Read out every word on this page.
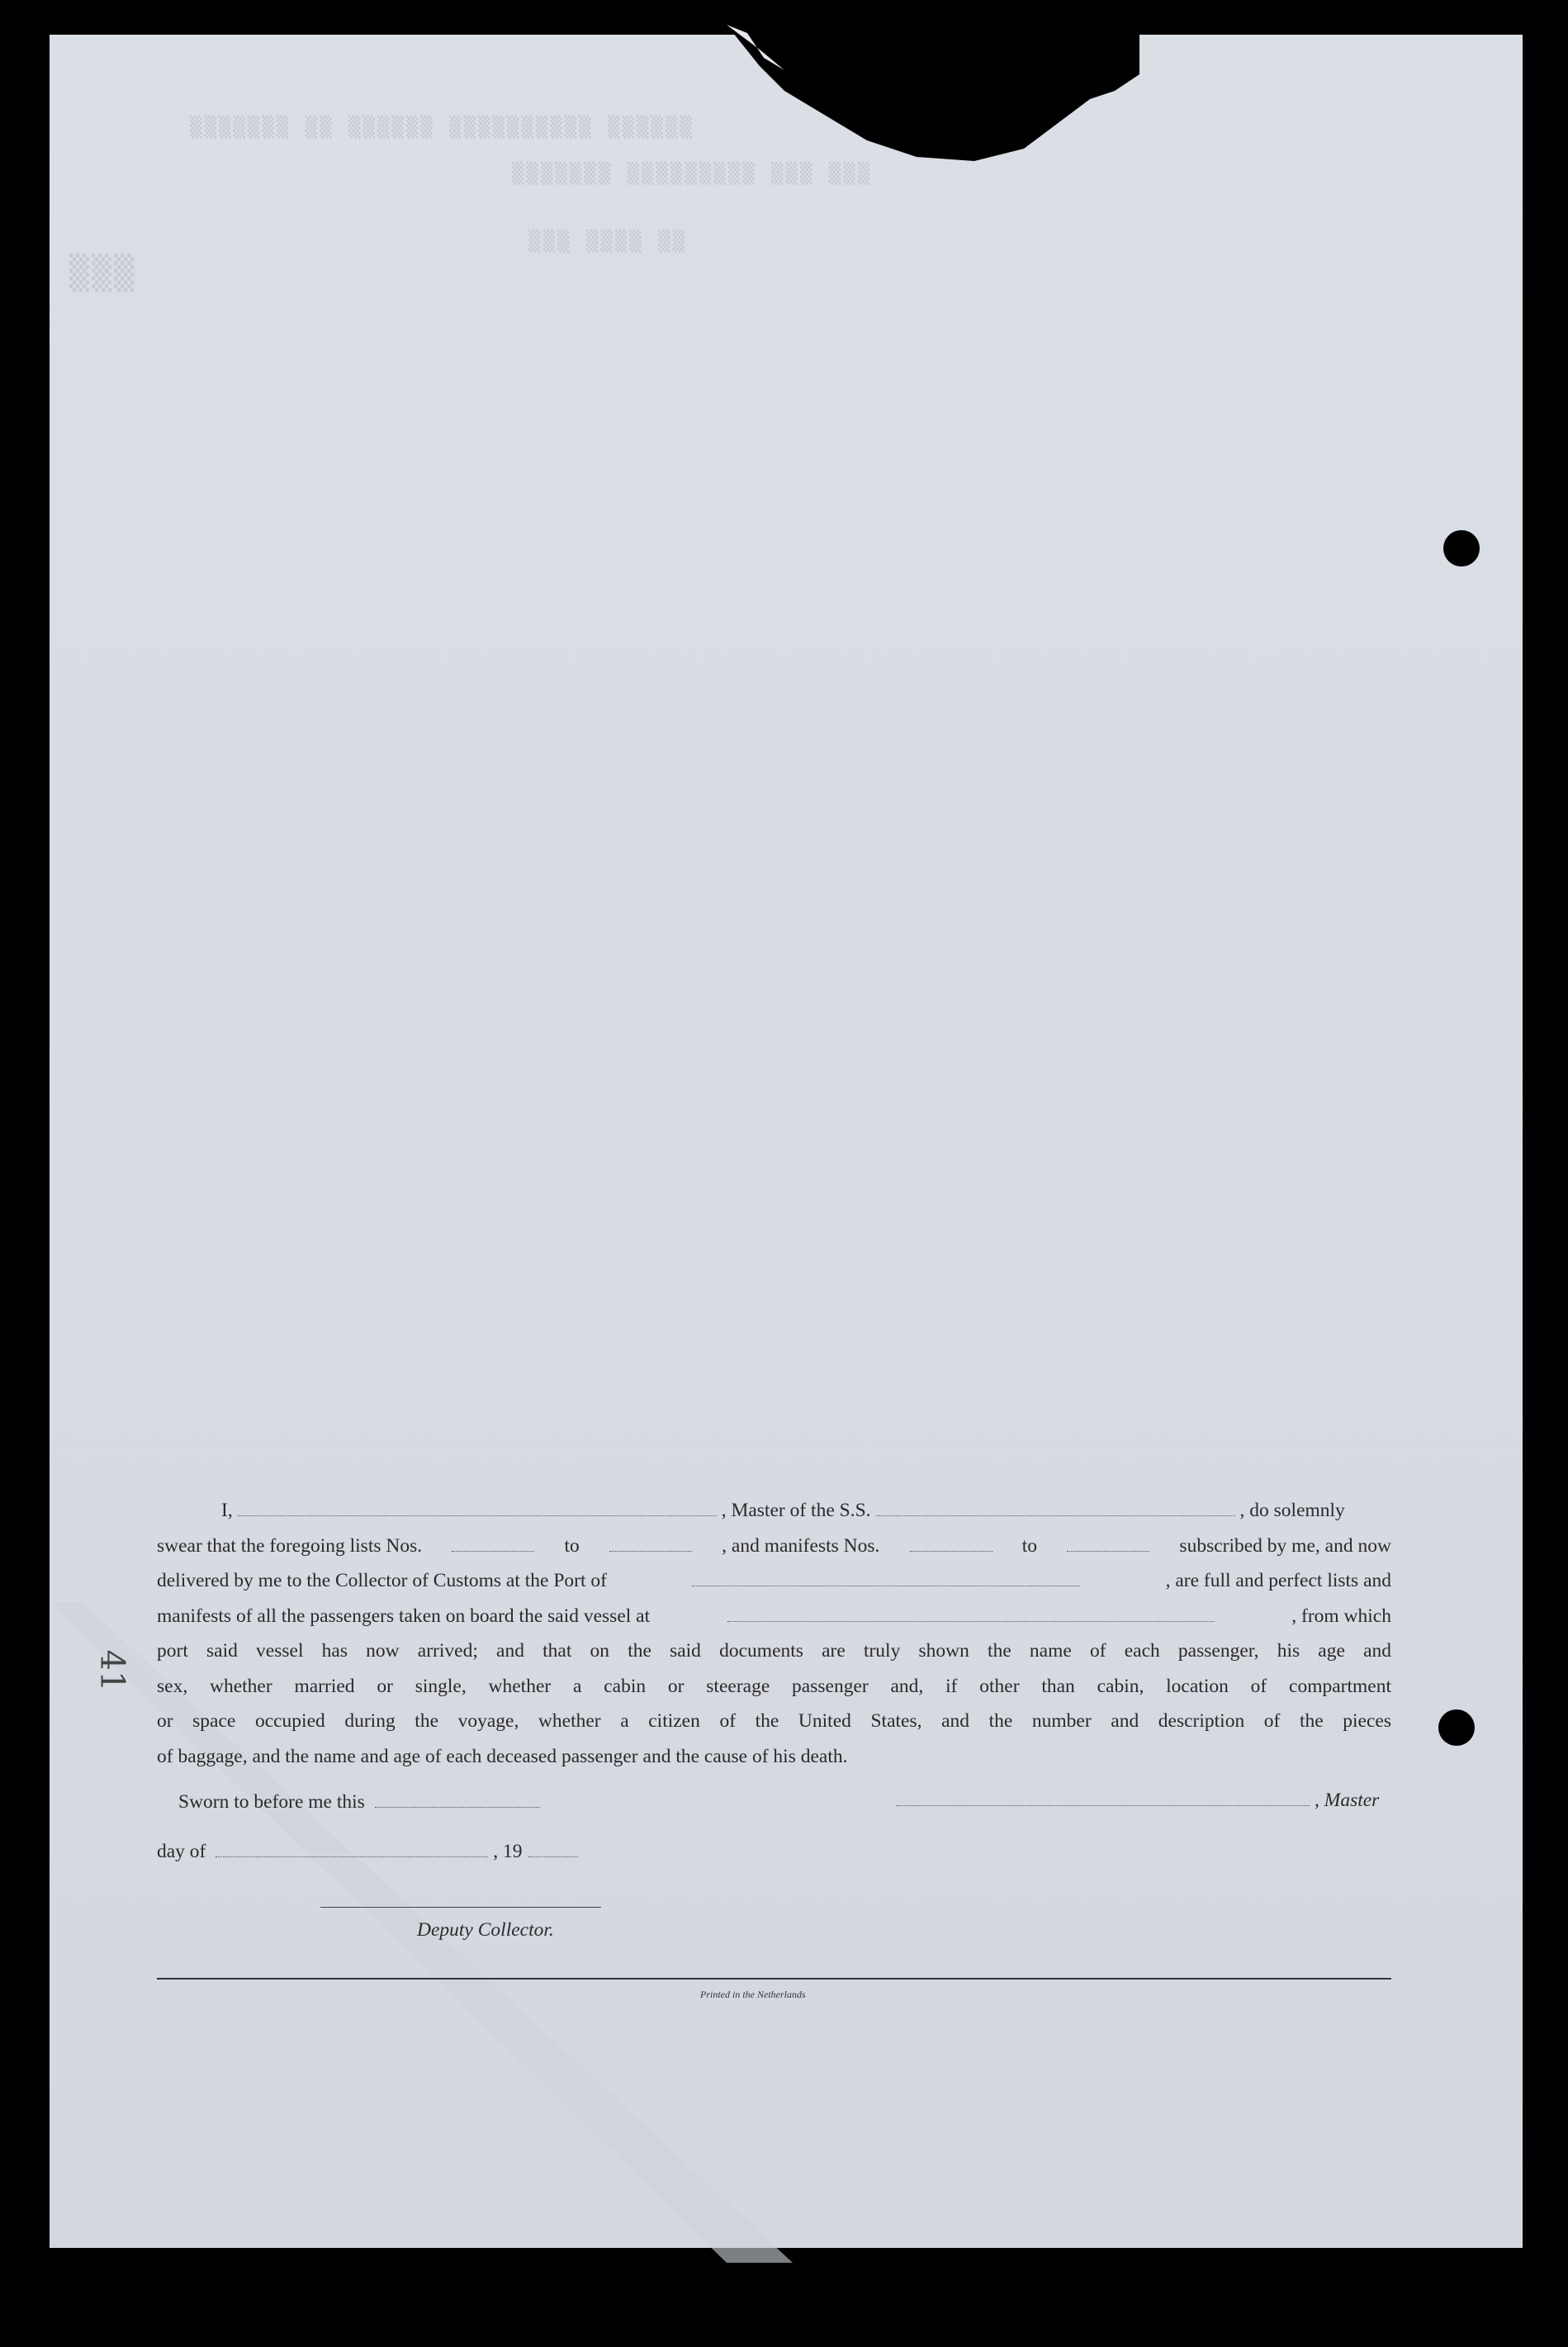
▒▒▒▒▒▒▒ ▒▒ ▒▒▒▒▒▒ ▒▒▒▒▒▒▒▒▒▒ ▒▒▒▒▒▒
▒▒▒▒▒▒▒ ▒▒▒▒▒▒▒▒▒ ▒▒▒ ▒▒▒
▒▒▒ ▒▒▒▒ ▒▒
▒▒▒
41
I,	, Master of the S.S.	, do solemnly
swear that the foregoing lists Nos.	to	, and manifests Nos.	to	subscribed by me, and now
delivered by me to the Collector of Customs at the Port of	, are full and perfect lists and
manifests of all the passengers taken on board the said vessel at	, from which

port said vessel has now arrived; and that on the said documents are truly shown the name of each passenger, his age and

sex, whether married or single, whether a cabin or steerage passenger and, if other than cabin, location of compartment

or space occupied during the voyage, whether a citizen of the United States, and the number and description of the pieces

of baggage, and the name and age of each deceased passenger and the cause of his death.

Sworn to before me this	, Master
day of	, 19
Deputy Collector.
Printed in the Netherlands
